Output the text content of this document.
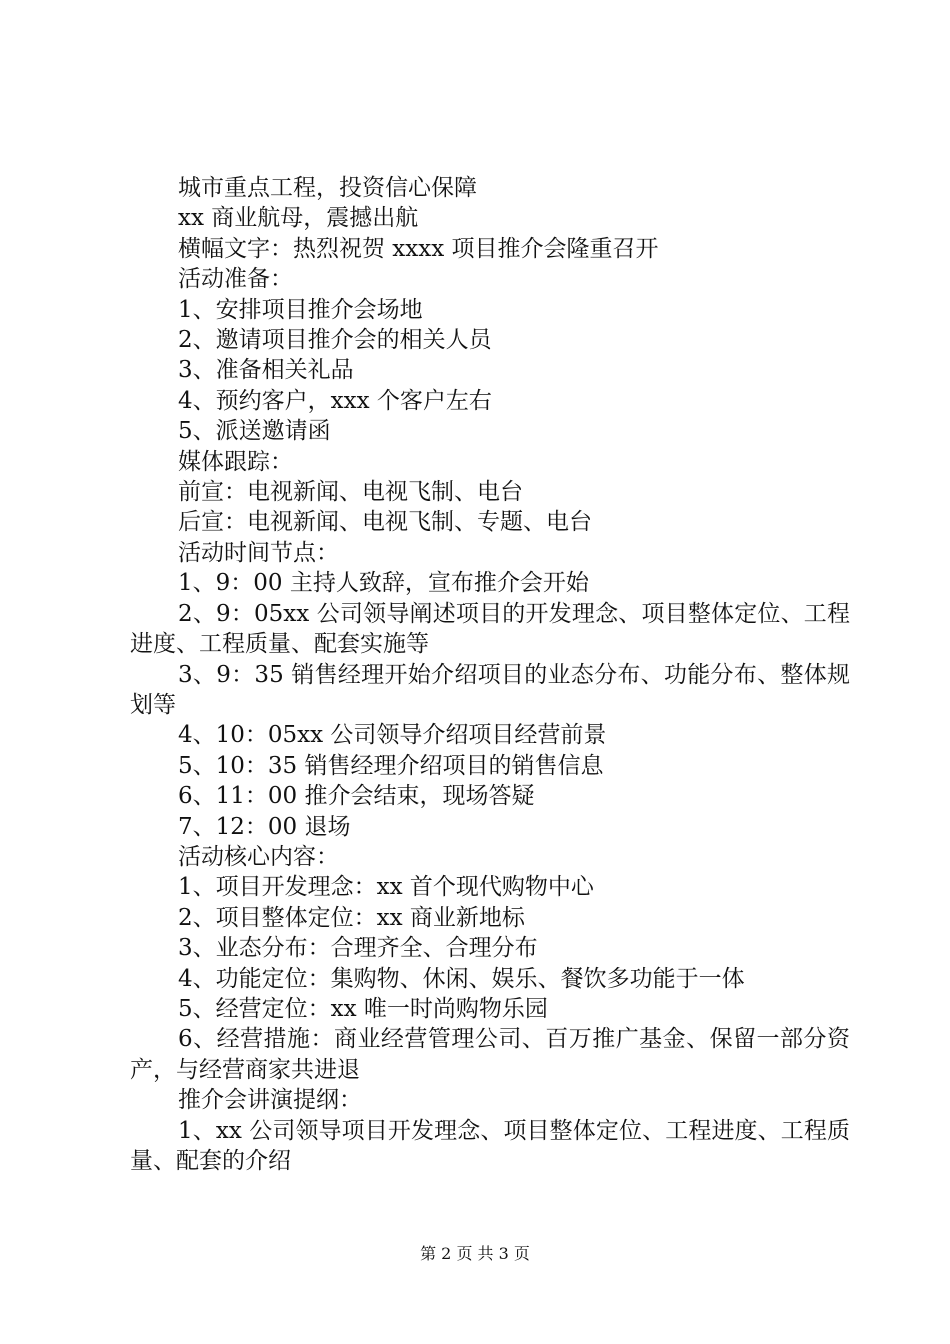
城市重点工程，投资信心保障

xx 商业航母，震撼出航

横幅文字：热烈祝贺 xxxx 项目推介会隆重召开

活动准备：

1、安排项目推介会场地

2、邀请项目推介会的相关人员

3、准备相关礼品

4、预约客户，xxx 个客户左右

5、派送邀请函

媒体跟踪：

前宣：电视新闻、电视飞制、电台

后宣：电视新闻、电视飞制、专题、电台

活动时间节点：

1、9：00 主持人致辞，宣布推介会开始

2、9：05xx 公司领导阐述项目的开发理念、项目整体定位、工程进度、工程质量、配套实施等

3、9：35 销售经理开始介绍项目的业态分布、功能分布、整体规划等

4、10：05xx 公司领导介绍项目经营前景

5、10：35 销售经理介绍项目的销售信息

6、11：00 推介会结束，现场答疑

7、12：00 退场

活动核心内容：

1、项目开发理念：xx 首个现代购物中心

2、项目整体定位：xx 商业新地标

3、业态分布：合理齐全、合理分布

4、功能定位：集购物、休闲、娱乐、餐饮多功能于一体

5、经营定位：xx 唯一时尚购物乐园

6、经营措施：商业经营管理公司、百万推广基金、保留一部分资产，与经营商家共进退

推介会讲演提纲：

1、xx 公司领导项目开发理念、项目整体定位、工程进度、工程质量、配套的介绍

第 2 页 共 3 页
